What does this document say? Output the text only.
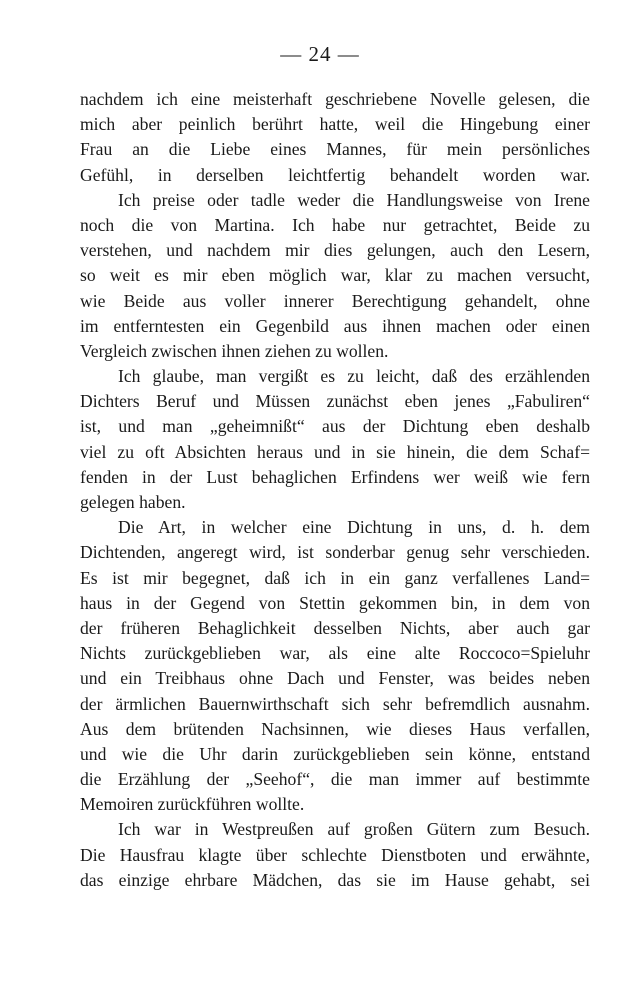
— 24 —
nachdem ich eine meisterhaft geschriebene Novelle gelesen, die
mich aber peinlich berührt hatte, weil die Hingebung einer
Frau an die Liebe eines Mannes, für mein persönliches
Gefühl, in derselben leichtfertig behandelt worden war.
Ich preise oder tadle weder die Handlungsweise von Irene
noch die von Martina. Ich habe nur getrachtet, Beide zu
verstehen, und nachdem mir dies gelungen, auch den Lesern,
so weit es mir eben möglich war, klar zu machen versucht,
wie Beide aus voller innerer Berechtigung gehandelt, ohne
im entferntesten ein Gegenbild aus ihnen machen oder einen
Vergleich zwischen ihnen ziehen zu wollen.
Ich glaube, man vergißt es zu leicht, daß des erzählenden
Dichters Beruf und Müssen zunächst eben jenes „Fabuliren“
ist, und man „geheimnißt“ aus der Dichtung eben deshalb
viel zu oft Absichten heraus und in sie hinein, die dem Schaf=
fenden in der Lust behaglichen Erfindens wer weiß wie fern
gelegen haben.
Die Art, in welcher eine Dichtung in uns, d. h. dem
Dichtenden, angeregt wird, ist sonderbar genug sehr verschieden.
Es ist mir begegnet, daß ich in ein ganz verfallenes Land=
haus in der Gegend von Stettin gekommen bin, in dem von
der früheren Behaglichkeit desselben Nichts, aber auch gar
Nichts zurückgeblieben war, als eine alte Roccoco=Spieluhr
und ein Treibhaus ohne Dach und Fenster, was beides neben
der ärmlichen Bauernwirthschaft sich sehr befremdlich ausnahm.
Aus dem brütenden Nachsinnen, wie dieses Haus verfallen,
und wie die Uhr darin zurückgeblieben sein könne, entstand
die Erzählung der „Seehof“, die man immer auf bestimmte
Memoiren zurückführen wollte.
Ich war in Westpreußen auf großen Gütern zum Besuch.
Die Hausfrau klagte über schlechte Dienstboten und erwähnte,
das einzige ehrbare Mädchen, das sie im Hause gehabt, sei
